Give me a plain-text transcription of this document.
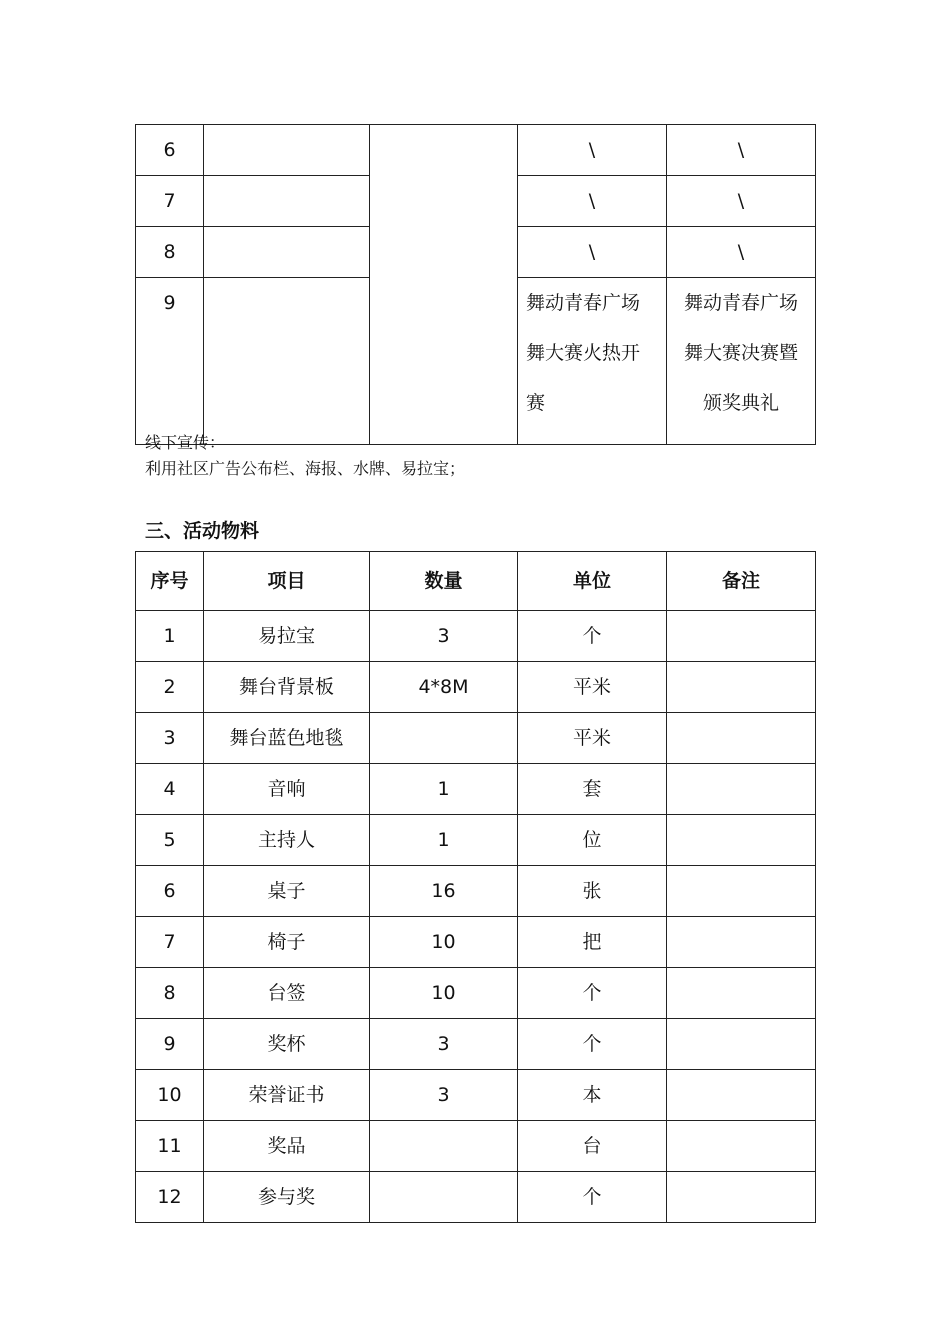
6			\	\
7			\	\
8			\	\
9			舞动青春广场
舞大赛火热开
赛	舞动青春广场
舞大赛决赛暨
颁奖典礼
线下宣传：
利用社区广告公布栏、海报、水牌、易拉宝；
三、活动物料
序号	项目	数量	单位	备注
1	易拉宝	3	个	
2	舞台背景板	4*8M	平米	
3	舞台蓝色地毯		平米	
4	音响	1	套	
5	主持人	1	位	
6	桌子	16	张	
7	椅子	10	把	
8	台签	10	个	
9	奖杯	3	个	
10	荣誉证书	3	本	
11	奖品		台	
12	参与奖		个	
